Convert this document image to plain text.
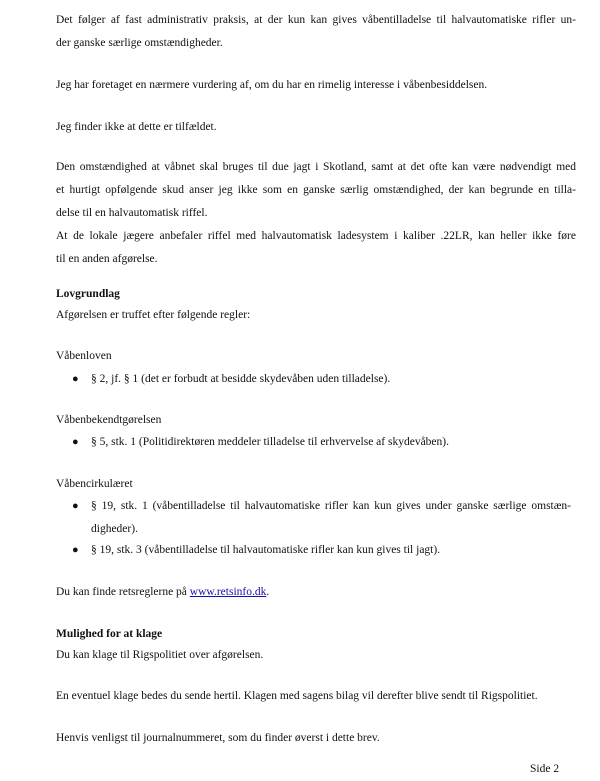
Det følger af fast administrativ praksis, at der kun kan gives våbentilladelse til halvautomatiske rifler un-
der ganske særlige omstændigheder.
Jeg har foretaget en nærmere vurdering af, om du har en rimelig interesse i våbenbesiddelsen.
Jeg finder ikke at dette er tilfældet.
Den omstændighed at våbnet skal bruges til due jagt i Skotland, samt at det ofte kan være nødvendigt med
et hurtigt opfølgende skud anser jeg ikke som en ganske særlig omstændighed, der kan begrunde en tilla-
delse til en halvautomatisk riffel.
At de lokale jægere anbefaler riffel med halvautomatisk ladesystem i kaliber .22LR, kan heller ikke føre
til en anden afgørelse.
Lovgrundlag
Afgørelsen er truffet efter følgende regler:
Våbenloven
● § 2, jf. § 1 (det er forbudt at besidde skydevåben uden tilladelse).
Våbenbekendtgørelsen
● § 5, stk. 1 (Politidirektøren meddeler tilladelse til erhvervelse af skydevåben).
Våbencirkulæret
● § 19, stk. 1 (våbentilladelse til halvautomatiske rifler kan kun gives under ganske særlige omstæn-
digheder).
● § 19, stk. 3 (våbentilladelse til halvautomatiske rifler kan kun gives til jagt).
Du kan finde retsreglerne på www.retsinfo.dk.
Mulighed for at klage
Du kan klage til Rigspolitiet over afgørelsen.
En eventuel klage bedes du sende hertil. Klagen med sagens bilag vil derefter blive sendt til Rigspolitiet.
Henvis venligst til journalnummeret, som du finder øverst i dette brev.
Side 2
